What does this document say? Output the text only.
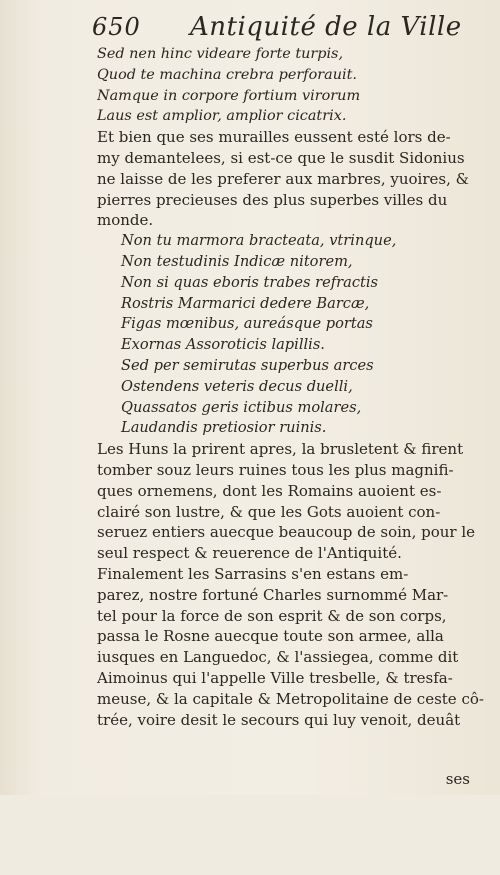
650	Antiquité de la Ville
Sed nen hinc videare forte turpis,
Quod te machina crebra perforauit.
Namque in corpore fortium virorum
Laus est amplior, amplior cicatrix.
Et bien que ses murailles eussent esté lors de-
my demantelees, si est-ce que le susdit Sidonius
ne laisse de les preferer aux marbres, yuoires, &
pierres precieuses des plus superbes villes du
monde.
Non tu marmora bracteata, vtrinque,
Non testudinis Indicæ nitorem,
Non si quas eboris trabes refractis
Rostris Marmarici dedere Barcæ,
Figas mœnibus, aureásque portas
Exornas Assoroticis lapillis.
Sed per semirutas superbus arces
Ostendens veteris decus duelli,
Quassatos geris ictibus molares,
Laudandis pretiosior ruinis.
Les Huns la prirent apres, la brusletent & firent
tomber souz leurs ruines tous les plus magnifi-
ques ornemens, dont les Romains auoient es-
clairé son lustre, & que les Gots auoient con-
seruez entiers auecque beaucoup de soin, pour le
seul respect & reuerence de l'Antiquité.
Finalement les Sarrasins s'en estans em-
parez, nostre fortuné Charles surnommé Mar-
tel pour la force de son esprit & de son corps,
passa le Rosne auecque toute son armee, alla
iusques en Languedoc, & l'assiegea, comme dit
Aimoinus qui l'appelle Ville tresbelle, & tresfa-
meuse, & la capitale & Metropolitaine de ceste cô-
trée, voire desit le secours qui luy venoit, deuât
ses
